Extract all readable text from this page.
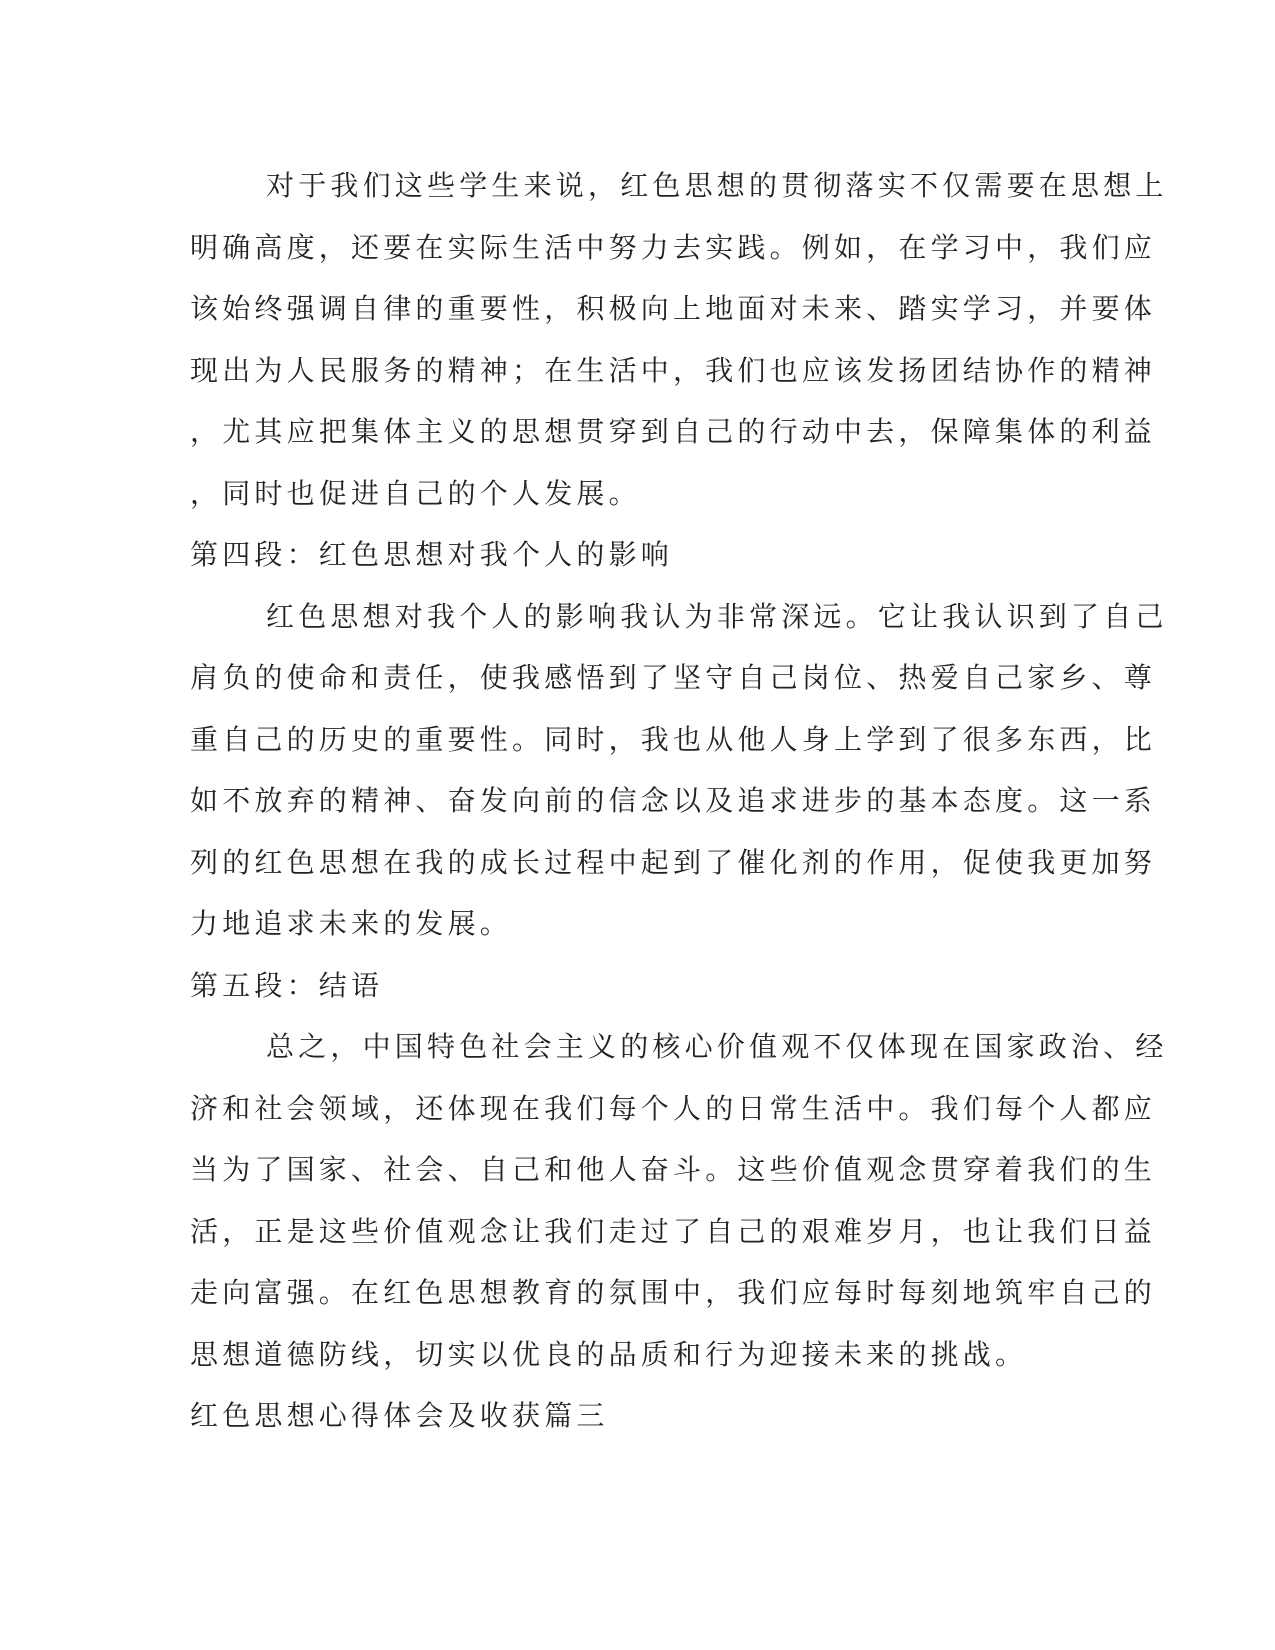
对于我们这些学生来说，红色思想的贯彻落实不仅需要在思想上
明确高度，还要在实际生活中努力去实践。例如，在学习中，我们应
该始终强调自律的重要性，积极向上地面对未来、踏实学习，并要体
现出为人民服务的精神；在生活中，我们也应该发扬团结协作的精神
，尤其应把集体主义的思想贯穿到自己的行动中去，保障集体的利益
，同时也促进自己的个人发展。
第四段：红色思想对我个人的影响
红色思想对我个人的影响我认为非常深远。它让我认识到了自己
肩负的使命和责任，使我感悟到了坚守自己岗位、热爱自己家乡、尊
重自己的历史的重要性。同时，我也从他人身上学到了很多东西，比
如不放弃的精神、奋发向前的信念以及追求进步的基本态度。这一系
列的红色思想在我的成长过程中起到了催化剂的作用，促使我更加努
力地追求未来的发展。
第五段：结语
总之，中国特色社会主义的核心价值观不仅体现在国家政治、经
济和社会领域，还体现在我们每个人的日常生活中。我们每个人都应
当为了国家、社会、自己和他人奋斗。这些价值观念贯穿着我们的生
活，正是这些价值观念让我们走过了自己的艰难岁月，也让我们日益
走向富强。在红色思想教育的氛围中，我们应每时每刻地筑牢自己的
思想道德防线，切实以优良的品质和行为迎接未来的挑战。
红色思想心得体会及收获篇三
